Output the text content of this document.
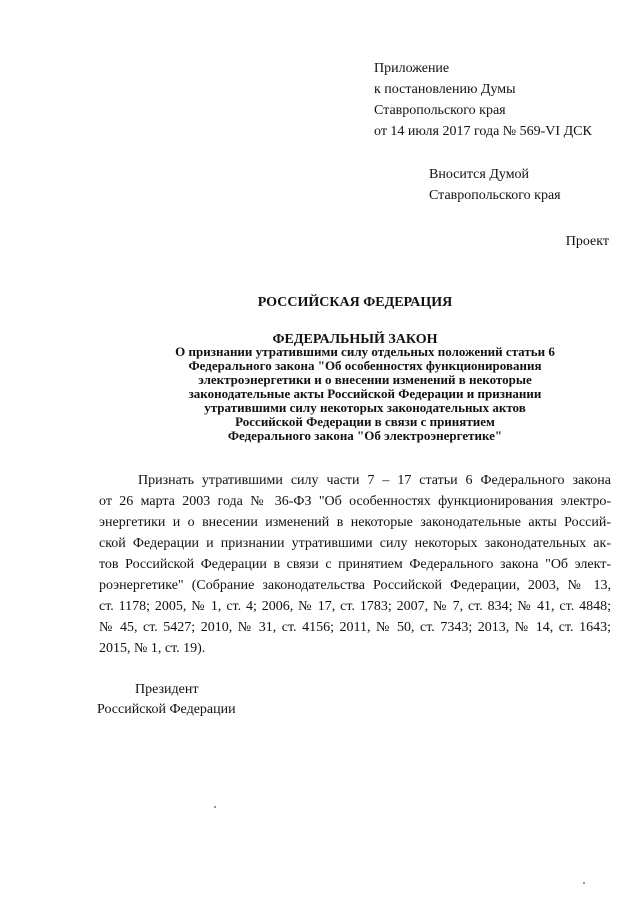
Приложение
к постановлению Думы
Ставропольского края
от 14 июля 2017 года № 569-VI ДСК
Вносится Думой
Ставропольского края
Проект
РОССИЙСКАЯ ФЕДЕРАЦИЯ
ФЕДЕРАЛЬНЫЙ ЗАКОН
О признании утратившими силу отдельных положений статьи 6
Федерального закона "Об особенностях функционирования
электроэнергетики и о внесении изменений в некоторые
законодательные акты Российской Федерации и признании
утратившими силу некоторых законодательных актов
Российской Федерации в связи с принятием
Федерального закона "Об электроэнергетике"
Признать утратившими силу части 7 – 17 статьи 6 Федерального закона
от 26 марта 2003 года № 36-ФЗ "Об особенностях функционирования электро-
энергетики и о внесении изменений в некоторые законодательные акты Россий-
ской Федерации и признании утратившими силу некоторых законодательных ак-
тов Российской Федерации в связи с принятием Федерального закона "Об элект-
роэнергетике" (Собрание законодательства Российской Федерации, 2003, № 13,
ст. 1178; 2005, № 1, ст. 4; 2006, № 17, ст. 1783; 2007, № 7, ст. 834; № 41, ст. 4848;
№ 45, ст. 5427; 2010, № 31, ст. 4156; 2011, № 50, ст. 7343; 2013, № 14, ст. 1643;
2015, № 1, ст. 19).
Президент
Российской Федерации
